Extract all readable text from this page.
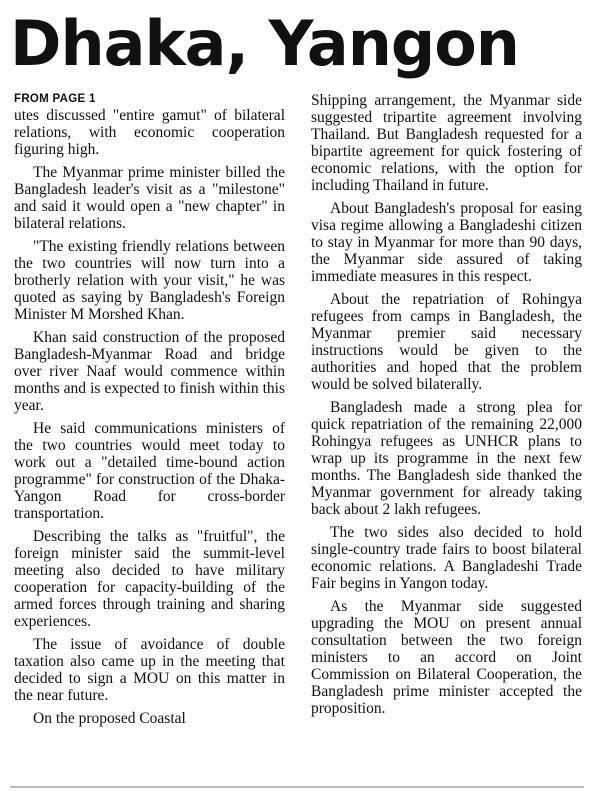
Dhaka, Yangon
FROM PAGE 1

utes discussed "entire gamut" of bilateral relations, with economic cooperation figuring high.

The Myanmar prime minister billed the Bangladesh leader's visit as a "milestone" and said it would open a "new chapter" in bilateral relations.

"The existing friendly relations between the two countries will now turn into a brotherly relation with your visit," he was quoted as saying by Bangladesh's Foreign Minister M Morshed Khan.

Khan said construction of the proposed Bangladesh-Myanmar Road and bridge over river Naaf would commence within months and is expected to finish within this year.

He said communications ministers of the two countries would meet today to work out a "detailed time-bound action programme" for construction of the Dhaka-Yangon Road for cross-border transportation.

Describing the talks as "fruitful", the foreign minister said the summit-level meeting also decided to have military cooperation for capacity-building of the armed forces through training and sharing experiences.

The issue of avoidance of double taxation also came up in the meeting that decided to sign a MOU on this matter in the near future.

On the proposed Coastal

Shipping arrangement, the Myanmar side suggested tripartite agreement involving Thailand. But Bangladesh requested for a bipartite agreement for quick fostering of economic relations, with the option for including Thailand in future.

About Bangladesh's proposal for easing visa regime allowing a Bangladeshi citizen to stay in Myanmar for more than 90 days, the Myanmar side assured of taking immediate measures in this respect.

About the repatriation of Rohingya refugees from camps in Bangladesh, the Myanmar premier said necessary instructions would be given to the authorities and hoped that the problem would be solved bilaterally.

Bangladesh made a strong plea for quick repatriation of the remaining 22,000 Rohingya refugees as UNHCR plans to wrap up its programme in the next few months. The Bangladesh side thanked the Myanmar government for already taking back about 2 lakh refugees.

The two sides also decided to hold single-country trade fairs to boost bilateral economic relations. A Bangladeshi Trade Fair begins in Yangon today.

As the Myanmar side suggested upgrading the MOU on present annual consultation between the two foreign ministers to an accord on Joint Commission on Bilateral Cooperation, the Bangladesh prime minister accepted the proposition.
